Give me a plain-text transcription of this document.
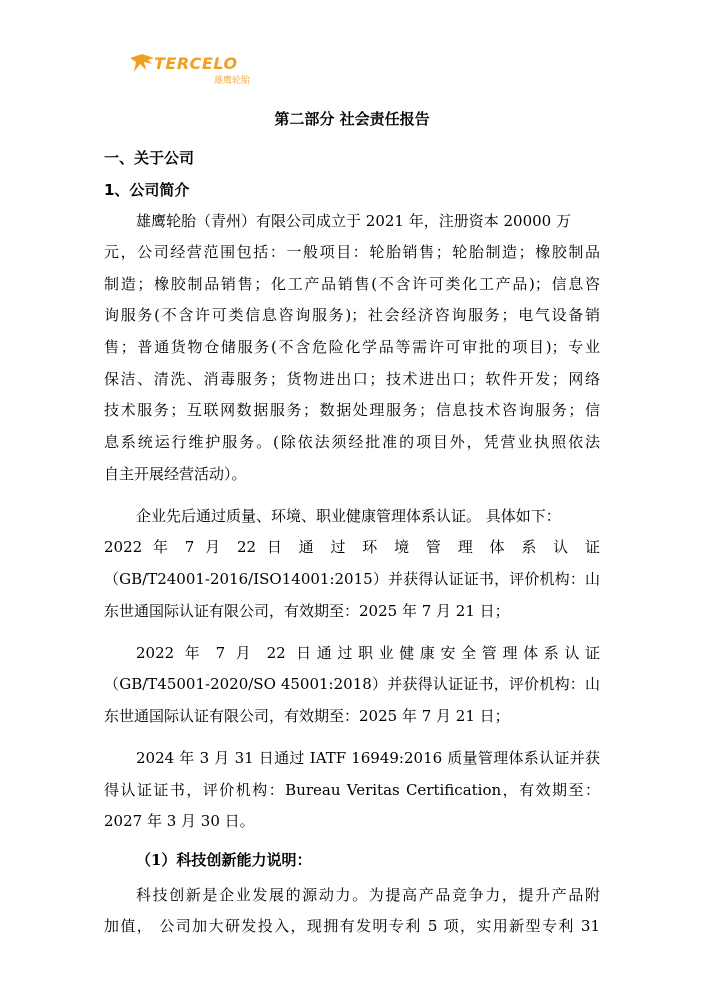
TERCELO
雄鹰轮胎
第二部分 社会责任报告
一、关于公司
1、公司简介
雄鹰轮胎（青州）有限公司成立于 2021 年，注册资本 20000 万
元，公司经营范围包括：一般项目：轮胎销售；轮胎制造；橡胶制品
制造；橡胶制品销售；化工产品销售(不含许可类化工产品)；信息咨
询服务(不含许可类信息咨询服务)；社会经济咨询服务；电气设备销
售；普通货物仓储服务(不含危险化学品等需许可审批的项目)；专业
保洁、清洗、消毒服务；货物进出口；技术进出口；软件开发；网络
技术服务；互联网数据服务；数据处理服务；信息技术咨询服务；信
息系统运行维护服务。(除依法须经批准的项目外，凭营业执照依法
自主开展经营活动）。
企业先后通过质量、环境、职业健康管理体系认证。 具体如下：
2022 年 7 月 22 日 通 过 环 境 管 理 体 系 认 证
（GB/T24001-2016/ISO14001:2015）并获得认证证书，评价机构：山
东世通国际认证有限公司，有效期至：2025 年 7 月 21 日；
2022 年 7 月 22 日通过职业健康安全管理体系认证
（GB/T45001-2020/SO 45001:2018）并获得认证证书，评价机构：山
东世通国际认证有限公司，有效期至：2025 年 7 月 21 日；
2024 年 3 月 31 日通过 IATF 16949:2016 质量管理体系认证并获
得认证证书，评价机构：Bureau Veritas Certification，有效期至：
2027 年 3 月 30 日。
（1）科技创新能力说明：
科技创新是企业发展的源动力。为提高产品竞争力，提升产品附
加值， 公司加大研发投入，现拥有发明专利 5 项，实用新型专利 31
